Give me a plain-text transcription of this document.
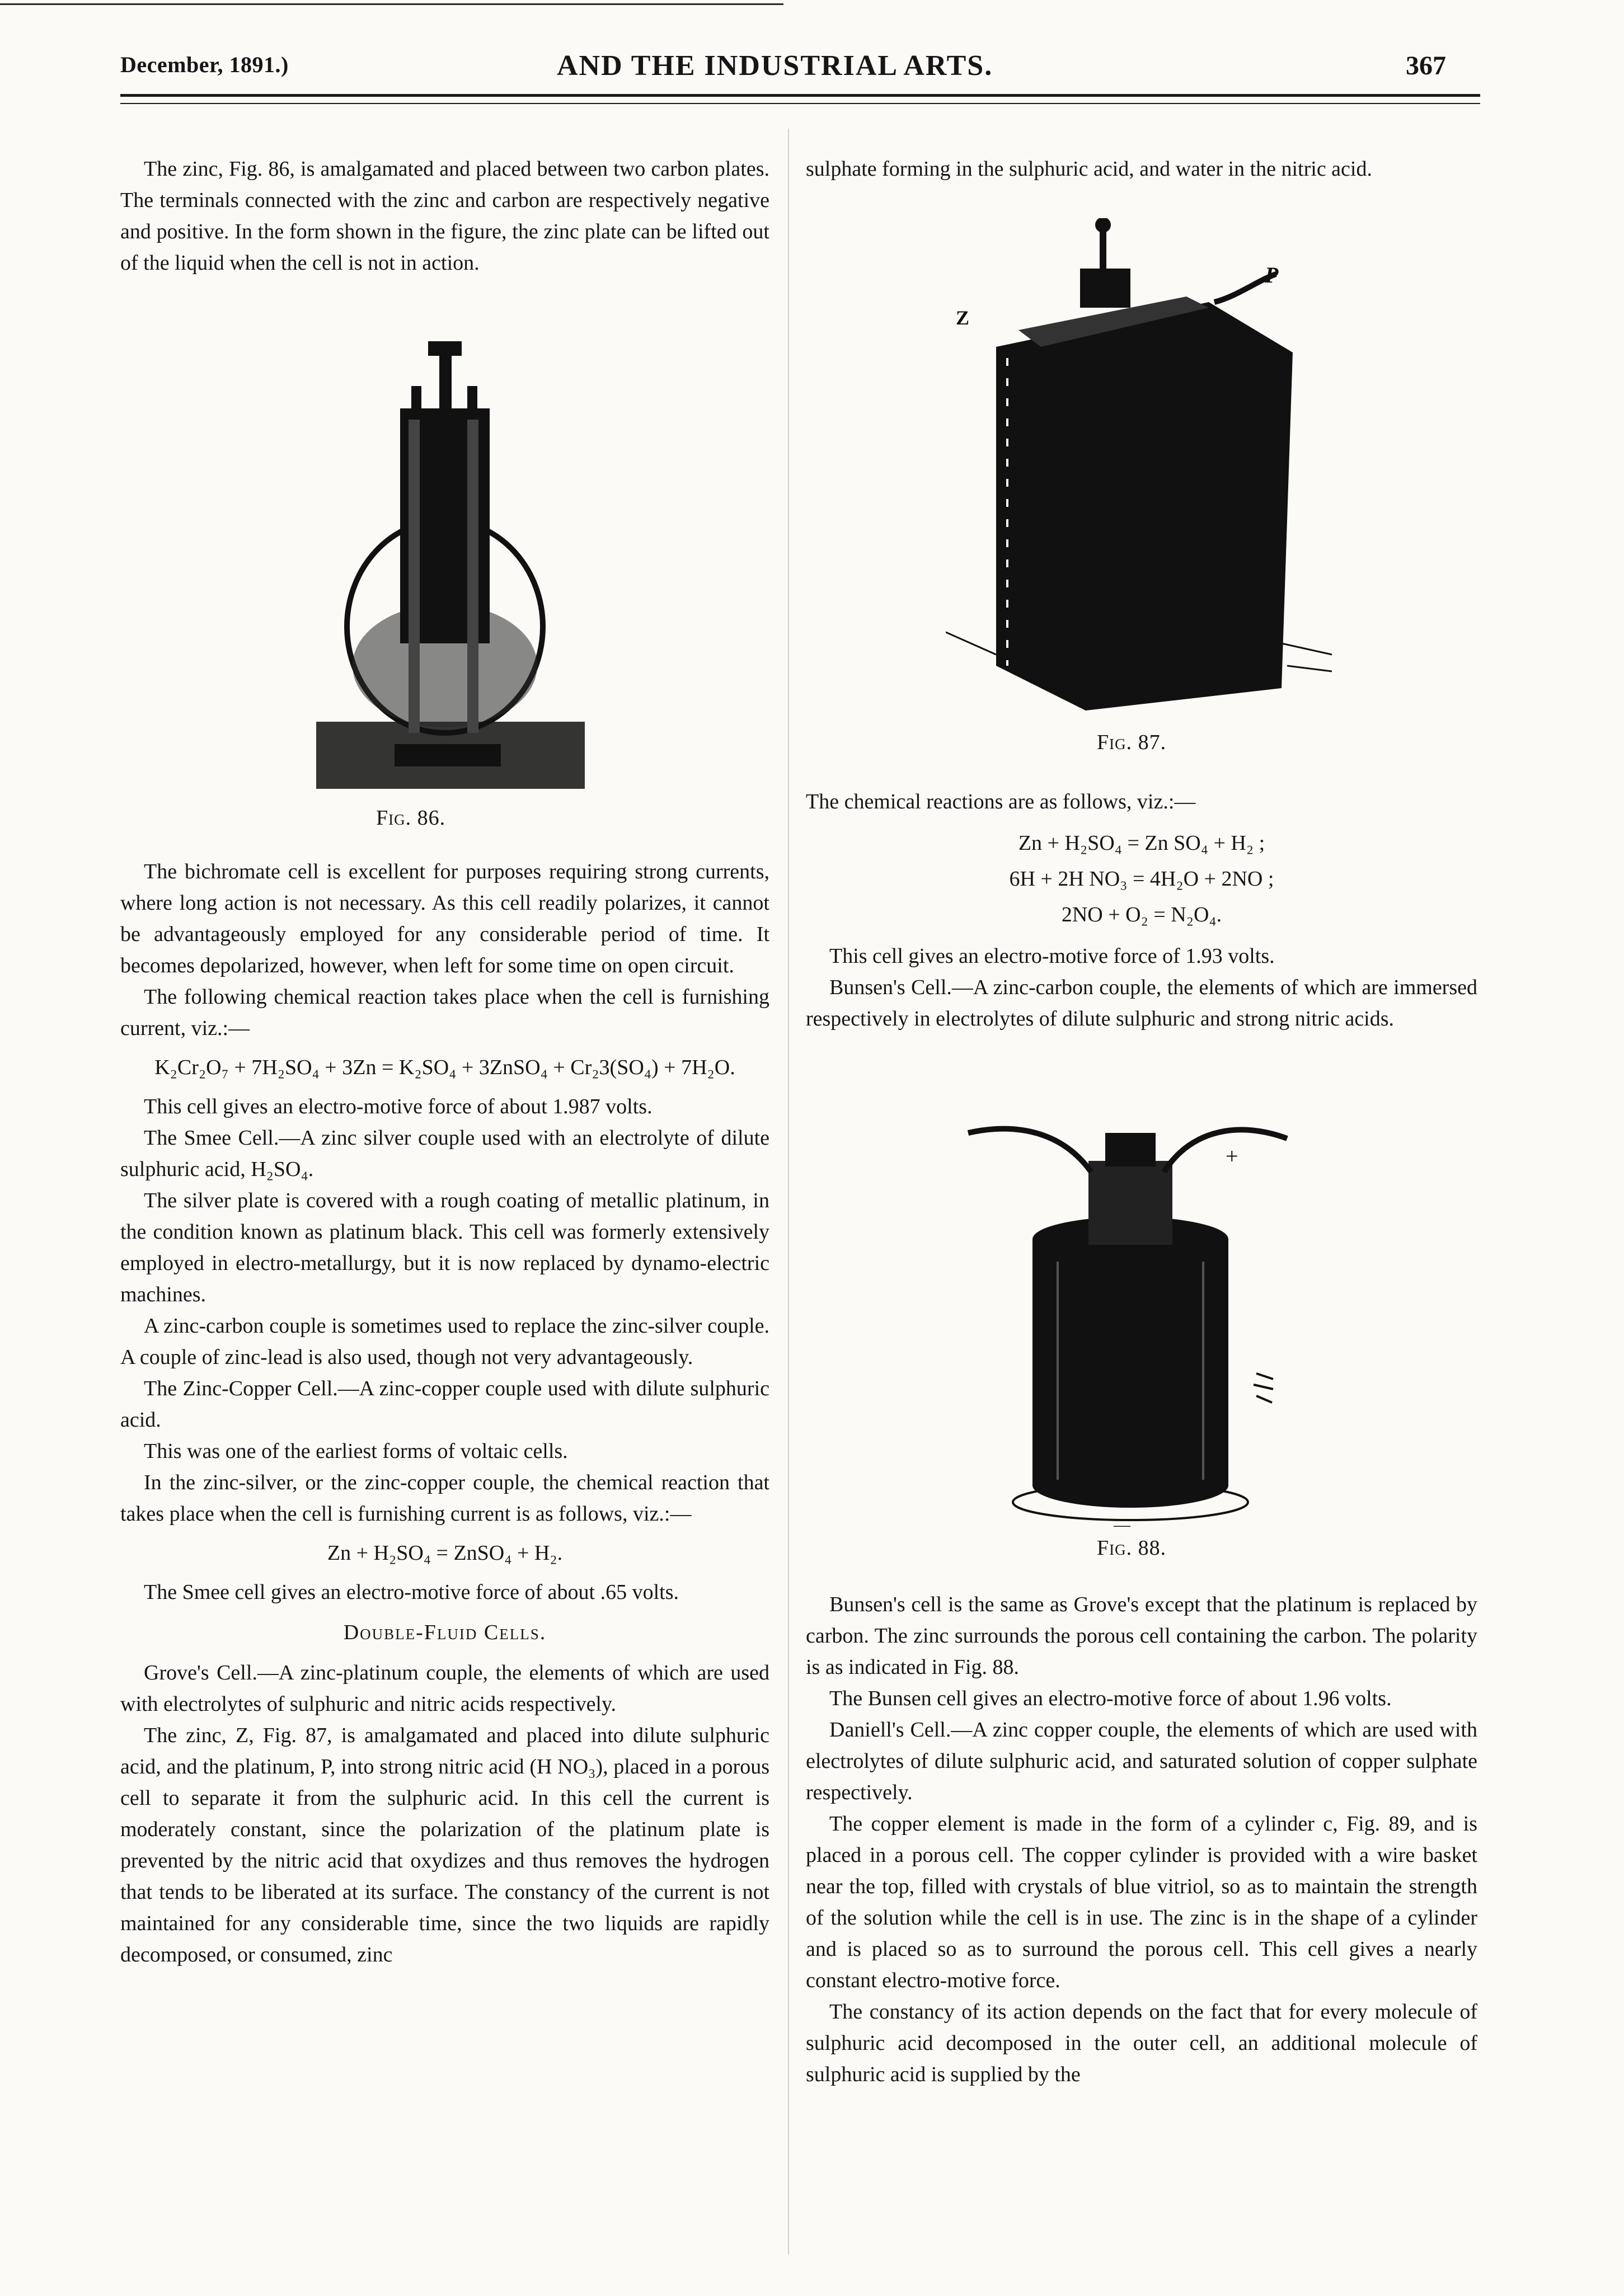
December, 1891.)	AND THE INDUSTRIAL ARTS.	367

The zinc, Fig. 86, is amalgamated and placed between two carbon plates. The terminals connected with the zinc and carbon are respectively negative and positive. In the form shown in the figure, the zinc plate can be lifted out of the liquid when the cell is not in action.

Fig. 86.

The bichromate cell is excellent for purposes requiring strong currents, where long action is not necessary. As this cell readily polarizes, it cannot be advantageously employed for any considerable period of time. It becomes depolarized, however, when left for some time on open circuit.

The following chemical reaction takes place when the cell is furnishing current, viz.:—

K₂Cr₂O₇ + 7H₂SO₄ + 3Zn = K₂SO₄ + 3ZnSO₄ + Cr₂3(SO₄) + 7H₂O.

This cell gives an electro-motive force of about 1.987 volts.

The Smee Cell.—A zinc silver couple used with an electrolyte of dilute sulphuric acid, H₂SO₄.

The silver plate is covered with a rough coating of metallic platinum, in the condition known as platinum black. This cell was formerly extensively employed in electro-metallurgy, but it is now replaced by dynamo-electric machines.

A zinc-carbon couple is sometimes used to replace the zinc-silver couple. A couple of zinc-lead is also used, though not very advantageously.

The Zinc-Copper Cell.—A zinc-copper couple used with dilute sulphuric acid.

This was one of the earliest forms of voltaic cells.

In the zinc-silver, or the zinc-copper couple, the chemical reaction that takes place when the cell is furnishing current is as follows, viz.:—

Zn + H₂SO₄ = ZnSO₄ + H₂.

The Smee cell gives an electro-motive force of about .65 volts.

Double-Fluid Cells.

Grove's Cell.—A zinc-platinum couple, the elements of which are used with electrolytes of sulphuric and nitric acids respectively.

The zinc, Z, Fig. 87, is amalgamated and placed into dilute sulphuric acid, and the platinum, P, into strong nitric acid (H NO₃), placed in a porous cell to separate it from the sulphuric acid. In this cell the current is moderately constant, since the polarization of the platinum plate is prevented by the nitric acid that oxydizes and thus removes the hydrogen that tends to be liberated at its surface. The constancy of the current is not maintained for any considerable time, since the two liquids are rapidly decomposed, or consumed, zinc

sulphate forming in the sulphuric acid, and water in the nitric acid.

Z
P
Fig. 87.

The chemical reactions are as follows, viz.:—

Zn + H₂SO₄ = Zn SO₄ + H₂ ;

6H + 2H NO₃ = 4H₂O + 2NO ;

2NO + O₂ = N₂O₄.

This cell gives an electro-motive force of 1.93 volts.

Bunsen's Cell.—A zinc-carbon couple, the elements of which are immersed respectively in electrolytes of dilute sulphuric and strong nitric acids.

+
—
Fig. 88.

Bunsen's cell is the same as Grove's except that the platinum is replaced by carbon. The zinc surrounds the porous cell containing the carbon. The polarity is as indicated in Fig. 88.

The Bunsen cell gives an electro-motive force of about 1.96 volts.

Daniell's Cell.—A zinc copper couple, the elements of which are used with electrolytes of dilute sulphuric acid, and saturated solution of copper sulphate respectively.

The copper element is made in the form of a cylinder c, Fig. 89, and is placed in a porous cell. The copper cylinder is provided with a wire basket near the top, filled with crystals of blue vitriol, so as to maintain the strength of the solution while the cell is in use. The zinc is in the shape of a cylinder and is placed so as to surround the porous cell. This cell gives a nearly constant electro-motive force.

The constancy of its action depends on the fact that for every molecule of sulphuric acid decomposed in the outer cell, an additional molecule of sulphuric acid is supplied by the
